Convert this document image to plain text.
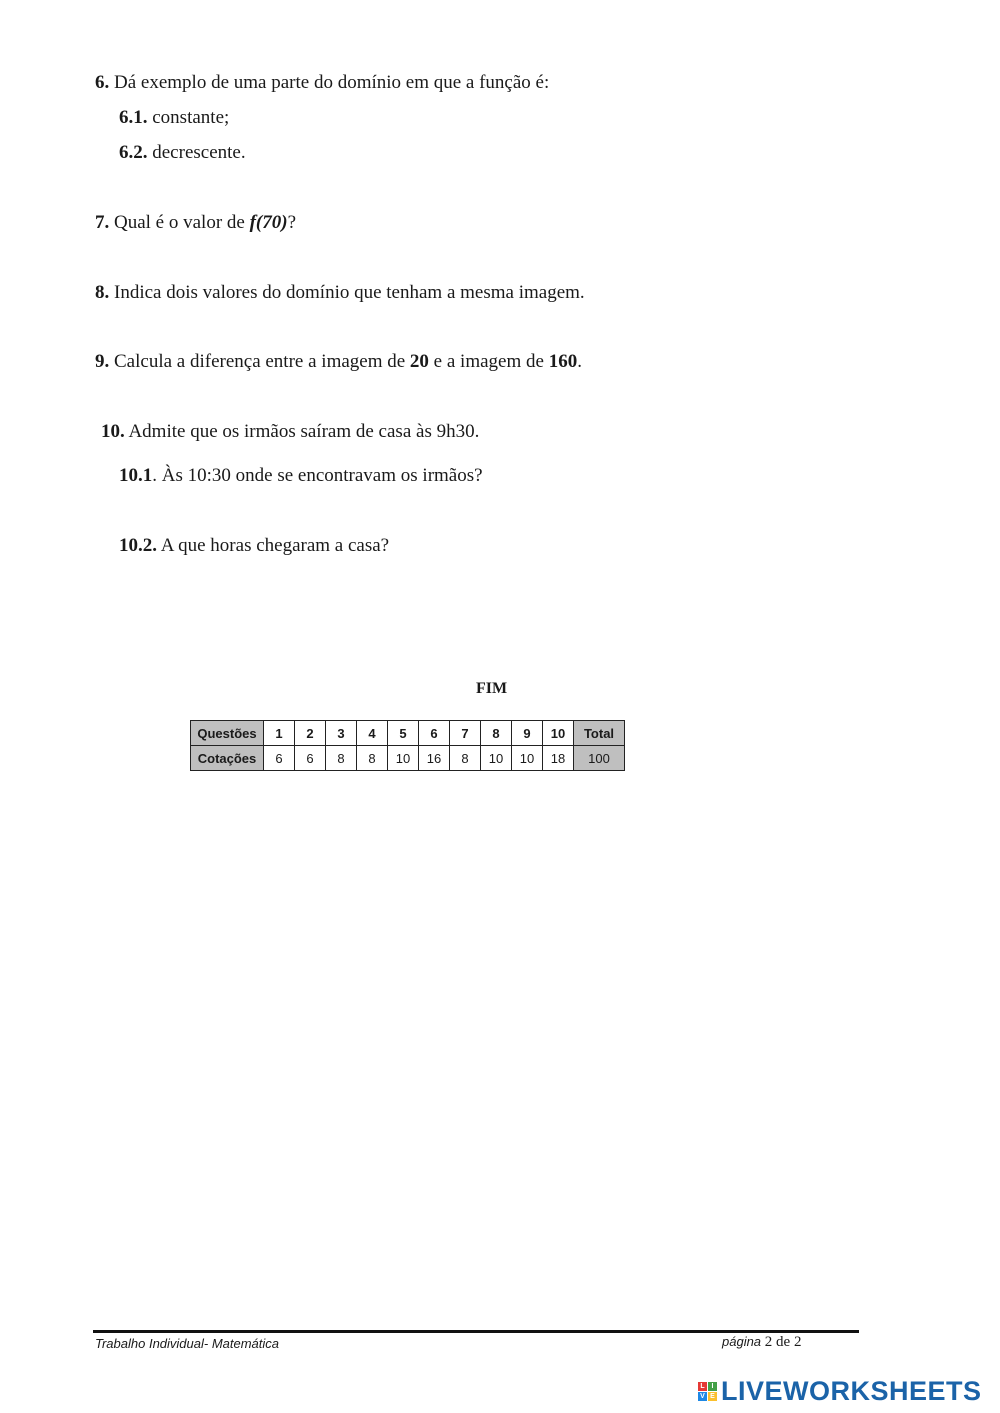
6. Dá exemplo de uma parte do domínio em que a função é:
6.1. constante;
6.2. decrescente.
7. Qual é o valor de f(70)?
8. Indica dois valores do domínio que tenham a mesma imagem.
9. Calcula a diferença entre a imagem de 20 e a imagem de 160.
10. Admite que os irmãos saíram de casa às 9h30.
10.1. Às 10:30 onde se encontravam os irmãos?
10.2. A que horas chegaram a casa?
FIM
Questões	1	2	3	4	5	6	7	8	9	10	Total
Cotações	6	6	8	8	10	16	8	10	10	18	100
Trabalho Individual- Matemática	página 2 de 2
L I
V E LIVEWORKSHEETS
